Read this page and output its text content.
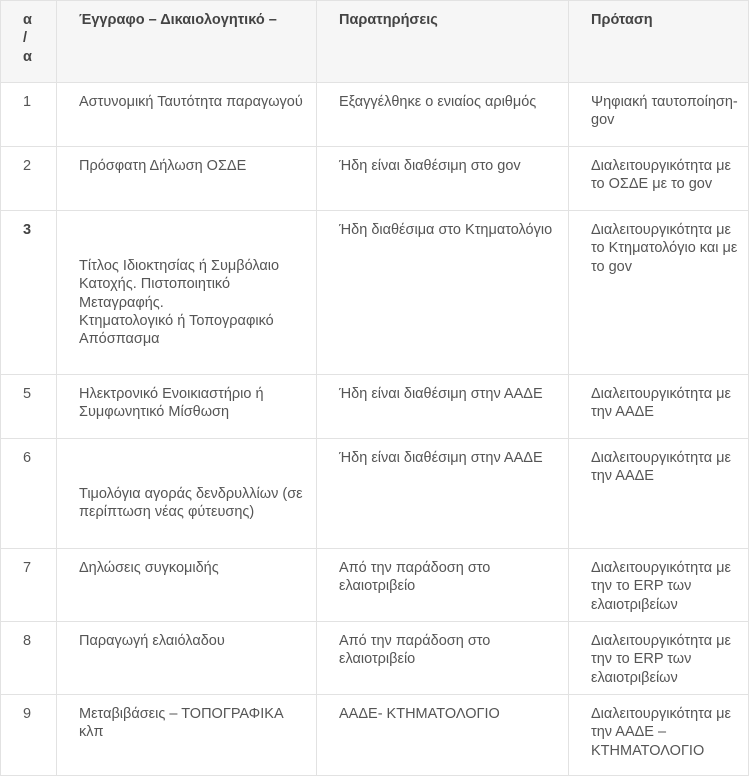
α / α	Έγγραφο – Δικαιολογητικό –	Παρατηρήσεις	Πρόταση
1	Αστυνομική Ταυτότητα παραγωγού	Εξαγγέλθηκε ο ενιαίος αριθμός	Ψηφιακή ταυτοποίηση- gov
2	Πρόσφατη Δήλωση ΟΣΔΕ	Ήδη είναι διαθέσιμη στο gov	Διαλειτουργικότητα με το ΟΣΔΕ με το gov
3	Τίτλος Ιδιοκτησίας ή Συμβόλαιο Κατοχής. Πιστοποιητικό Μεταγραφής.
Κτηματολογικό ή Τοπογραφικό Απόσπασμα	Ήδη διαθέσιμα στο Κτηματολόγιο	Διαλειτουργικότητα με το Κτηματολόγιο και με το gov
5	Ηλεκτρονικό Ενοικιαστήριο ή Συμφωνητικό Μίσθωση	Ήδη είναι διαθέσιμη στην ΑΑΔΕ	Διαλειτουργικότητα με την ΑΑΔΕ
6	Τιμολόγια αγοράς δενδρυλλίων (σε περίπτωση νέας φύτευσης)	Ήδη είναι διαθέσιμη στην ΑΑΔΕ	Διαλειτουργικότητα με την ΑΑΔΕ
7	Δηλώσεις συγκομιδής	Από την παράδοση στο ελαιοτριβείο	Διαλειτουργικότητα με την το ERP των ελαιοτριβείων
8	Παραγωγή ελαιόλαδου	Από την παράδοση στο ελαιοτριβείο	Διαλειτουργικότητα με την το ERP των ελαιοτριβείων
9	Μεταβιβάσεις – ΤΟΠΟΓΡΑΦΙΚΑ κλπ	ΑΑΔΕ- ΚΤΗΜΑΤΟΛΟΓΙΟ	Διαλειτουργικότητα με την ΑΑΔΕ – ΚΤΗΜΑΤΟΛΟΓΙΟ
